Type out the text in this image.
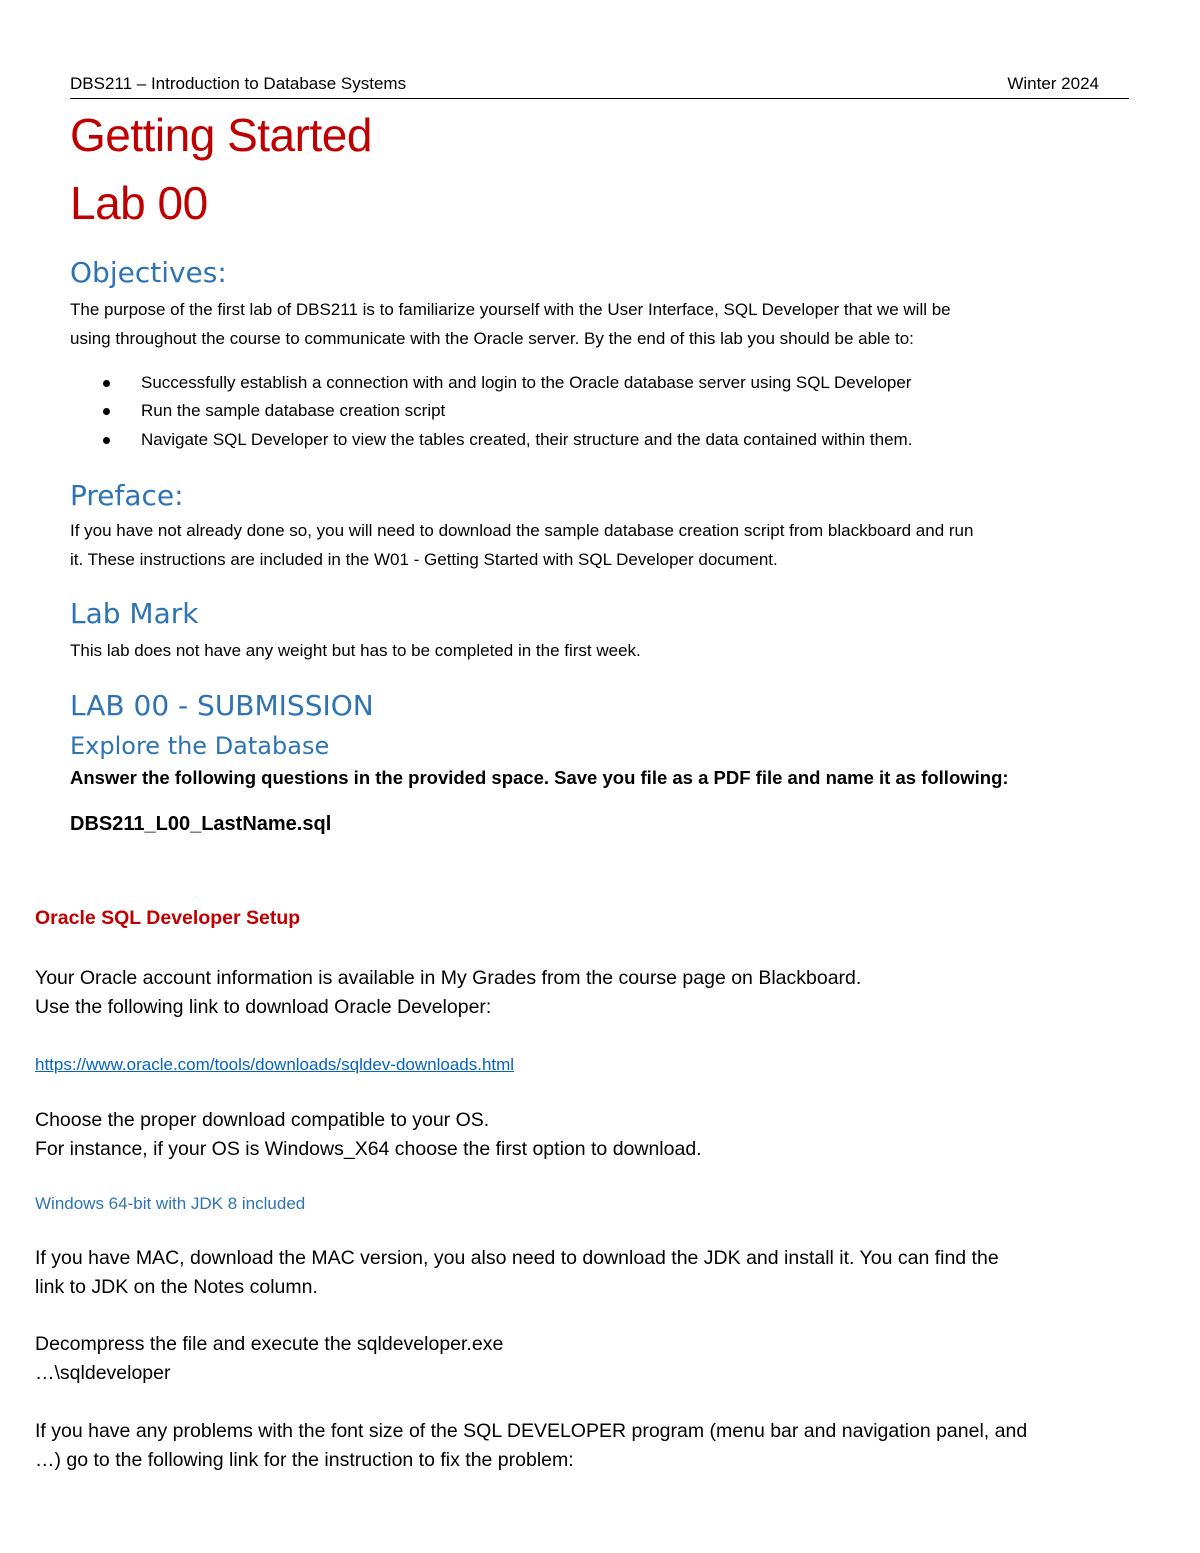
DBS211 – Introduction to Database Systems	Winter 2024
Getting Started
Lab 00
Objectives:
The purpose of the first lab of DBS211 is to familiarize yourself with the User Interface, SQL Developer that we will be
using throughout the course to communicate with the Oracle server. By the end of this lab you should be able to:
Successfully establish a connection with and login to the Oracle database server using SQL Developer
Run the sample database creation script
Navigate SQL Developer to view the tables created, their structure and the data contained within them.
Preface:
If you have not already done so, you will need to download the sample database creation script from blackboard and run
it. These instructions are included in the W01 - Getting Started with SQL Developer document.
Lab Mark
This lab does not have any weight but has to be completed in the first week.
LAB 00 - SUBMISSION
Explore the Database
Answer the following questions in the provided space. Save you file as a PDF file and name it as following:
DBS211_L00_LastName.sql
Oracle SQL Developer Setup
Your Oracle account information is available in My Grades from the course page on Blackboard.
Use the following link to download Oracle Developer:
https://www.oracle.com/tools/downloads/sqldev-downloads.html
Choose the proper download compatible to your OS.
For instance, if your OS is Windows_X64 choose the first option to download.
Windows 64-bit with JDK 8 included
If you have MAC, download the MAC version, you also need to download the JDK and install it. You can find the
link to JDK on the Notes column.
Decompress the file and execute the sqldeveloper.exe
…\sqldeveloper
If you have any problems with the font size of the SQL DEVELOPER program (menu bar and navigation panel, and
…) go to the following link for the instruction to fix the problem:
